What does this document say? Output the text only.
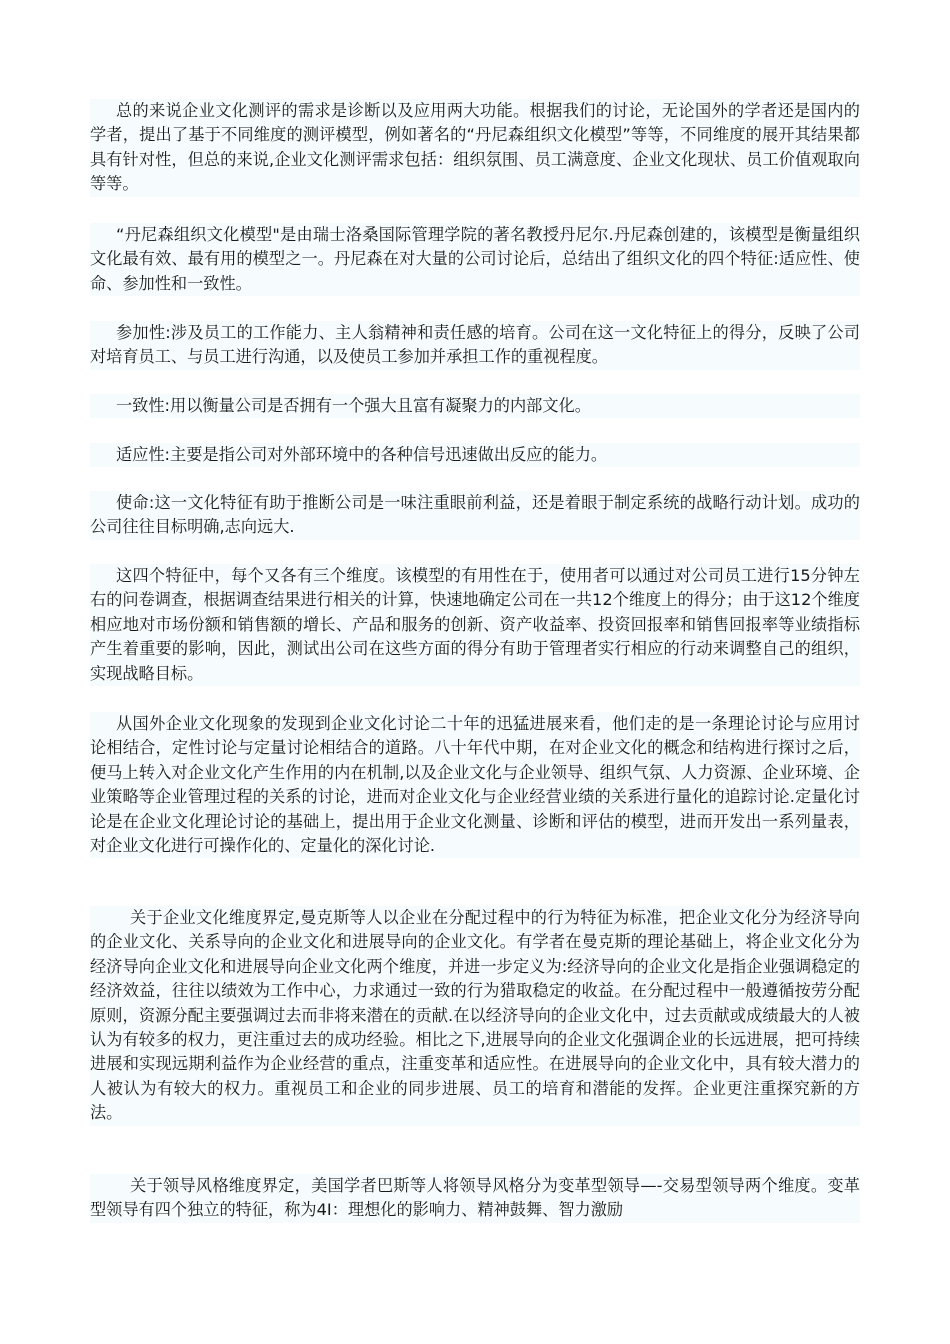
总的来说企业文化测评的需求是诊断以及应用两大功能。根据我们的讨论，无论国外的学者还是国内的学者，提出了基于不同维度的测评模型，例如著名的“丹尼森组织文化模型”等等，不同维度的展开其结果都具有针对性，但总的来说,企业文化测评需求包括：组织氛围、员工满意度、企业文化现状、员工价值观取向等等。

“丹尼森组织文化模型"是由瑞士洛桑国际管理学院的著名教授丹尼尔.丹尼森创建的，该模型是衡量组织文化最有效、最有用的模型之一。丹尼森在对大量的公司讨论后，总结出了组织文化的四个特征:适应性、使命、参加性和一致性。

参加性:涉及员工的工作能力、主人翁精神和责任感的培育。公司在这一文化特征上的得分，反映了公司对培育员工、与员工进行沟通，以及使员工参加并承担工作的重视程度。

一致性:用以衡量公司是否拥有一个强大且富有凝聚力的内部文化。

适应性:主要是指公司对外部环境中的各种信号迅速做出反应的能力。

使命:这一文化特征有助于推断公司是一味注重眼前利益，还是着眼于制定系统的战略行动计划。成功的公司往往目标明确,志向远大.

这四个特征中，每个又各有三个维度。该模型的有用性在于，使用者可以通过对公司员工进行15分钟左右的问卷调查，根据调查结果进行相关的计算，快速地确定公司在一共12个维度上的得分；由于这12个维度相应地对市场份额和销售额的增长、产品和服务的创新、资产收益率、投资回报率和销售回报率等业绩指标产生着重要的影响，因此，测试出公司在这些方面的得分有助于管理者实行相应的行动来调整自己的组织，实现战略目标。

从国外企业文化现象的发现到企业文化讨论二十年的迅猛进展来看，他们走的是一条理论讨论与应用讨论相结合，定性讨论与定量讨论相结合的道路。八十年代中期，在对企业文化的概念和结构进行探讨之后，便马上转入对企业文化产生作用的内在机制,以及企业文化与企业领导、组织气氛、人力资源、企业环境、企业策略等企业管理过程的关系的讨论，进而对企业文化与企业经营业绩的关系进行量化的追踪讨论.定量化讨论是在企业文化理论讨论的基础上，提出用于企业文化测量、诊断和评估的模型，进而开发出一系列量表，对企业文化进行可操作化的、定量化的深化讨论.

关于企业文化维度界定,曼克斯等人以企业在分配过程中的行为特征为标准，把企业文化分为经济导向的企业文化、关系导向的企业文化和进展导向的企业文化。有学者在曼克斯的理论基础上，将企业文化分为经济导向企业文化和进展导向企业文化两个维度，并进一步定义为:经济导向的企业文化是指企业强调稳定的经济效益，往往以绩效为工作中心，力求通过一致的行为猎取稳定的收益。在分配过程中一般遵循按劳分配原则，资源分配主要强调过去而非将来潜在的贡献.在以经济导向的企业文化中，过去贡献或成绩最大的人被认为有较多的权力，更注重过去的成功经验。相比之下,进展导向的企业文化强调企业的长远进展，把可持续进展和实现远期利益作为企业经营的重点，注重变革和适应性。在进展导向的企业文化中，具有较大潜力的人被认为有较大的权力。重视员工和企业的同步进展、员工的培育和潜能的发挥。企业更注重探究新的方法。

关于领导风格维度界定，美国学者巴斯等人将领导风格分为变革型领导—-交易型领导两个维度。变革型领导有四个独立的特征，称为4I：理想化的影响力、精神鼓舞、智力激励
